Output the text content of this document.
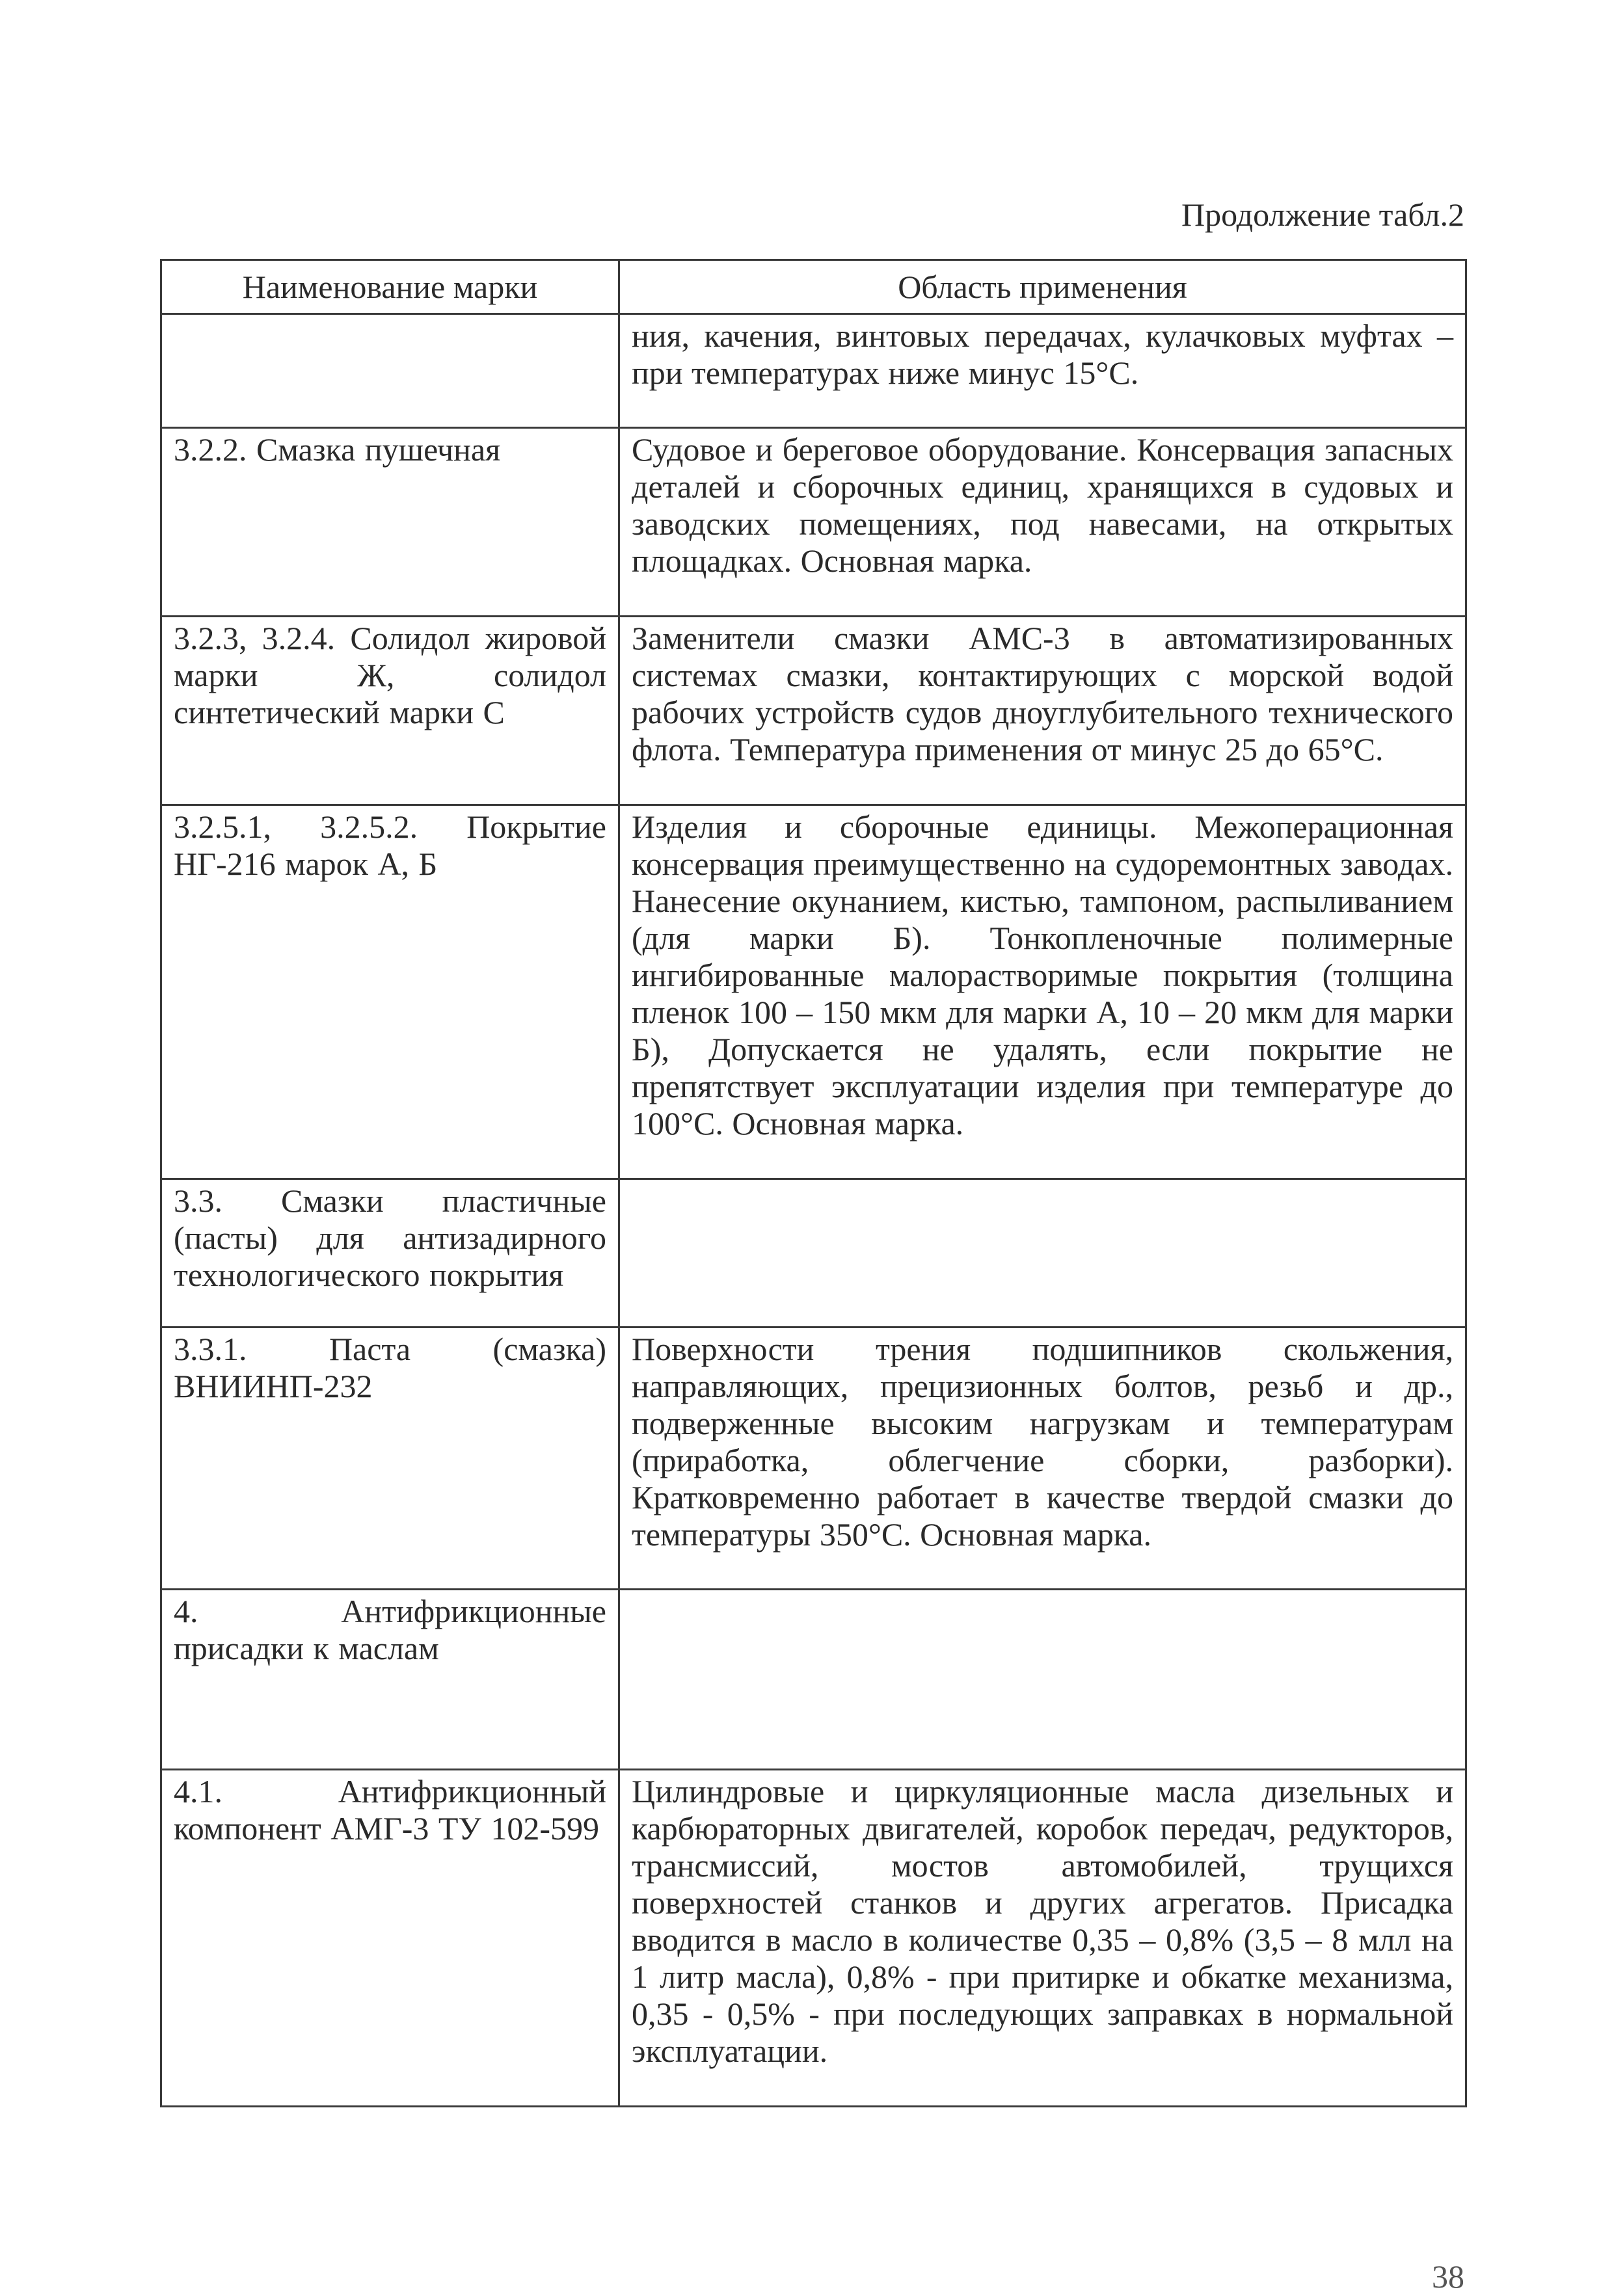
Продолжение табл.2
Наименование марки	Область применения
	ния, качения, винтовых передачах, кулачковых муфтах – при температурах ниже минус 15°С.
3.2.2. Смазка пушечная	Судовое и береговое оборудование. Консервация запасных деталей и сборочных единиц, хранящихся в судовых и заводских помещениях, под навесами, на открытых площадках. Основная марка.
3.2.3, 3.2.4. Солидол жировой марки Ж, солидол синтетический марки С	Заменители смазки АМС-3 в автоматизированных системах смазки, контактирующих с морской водой рабочих устройств судов дноуглубительного технического флота. Температура применения от минус 25 до 65°С.
3.2.5.1, 3.2.5.2. Покрытие НГ-216 марок А, Б	Изделия и сборочные единицы. Межоперационная консервация преимущественно на судоремонтных заводах. Нанесение окунанием, кистью, тампоном, распыливанием (для марки Б). Тонкопленочные полимерные ингибированные малорастворимые покрытия (толщина пленок 100 – 150 мкм для марки А, 10 – 20 мкм для марки Б), Допускается не удалять, если покрытие не препятствует эксплуатации изделия при температуре до 100°С. Основная марка.
3.3. Смазки пластичные (пасты) для антизадирного технологического покрытия	
3.3.1. Паста (смазка) ВНИИНП-232	Поверхности трения подшипников скольжения, направляющих, прецизионных болтов, резьб и др., подверженные высоким нагрузкам и температурам (приработка, облегчение сборки, разборки). Кратковременно работает в качестве твердой смазки до температуры 350°С. Основная марка.
4. Антифрикционные присадки к маслам	
4.1. Антифрикционный компонент АМГ-3 ТУ 102-599	Цилиндровые и циркуляционные масла дизельных и карбюраторных двигателей, коробок передач, редукторов, трансмиссий, мостов автомобилей, трущихся поверхностей станков и других агрегатов. Присадка вводится в масло в количестве 0,35 – 0,8% (3,5 – 8 млл на 1 литр масла), 0,8% - при притирке и обкатке механизма, 0,35 - 0,5% - при последующих заправках в нормальной эксплуатации.
38
